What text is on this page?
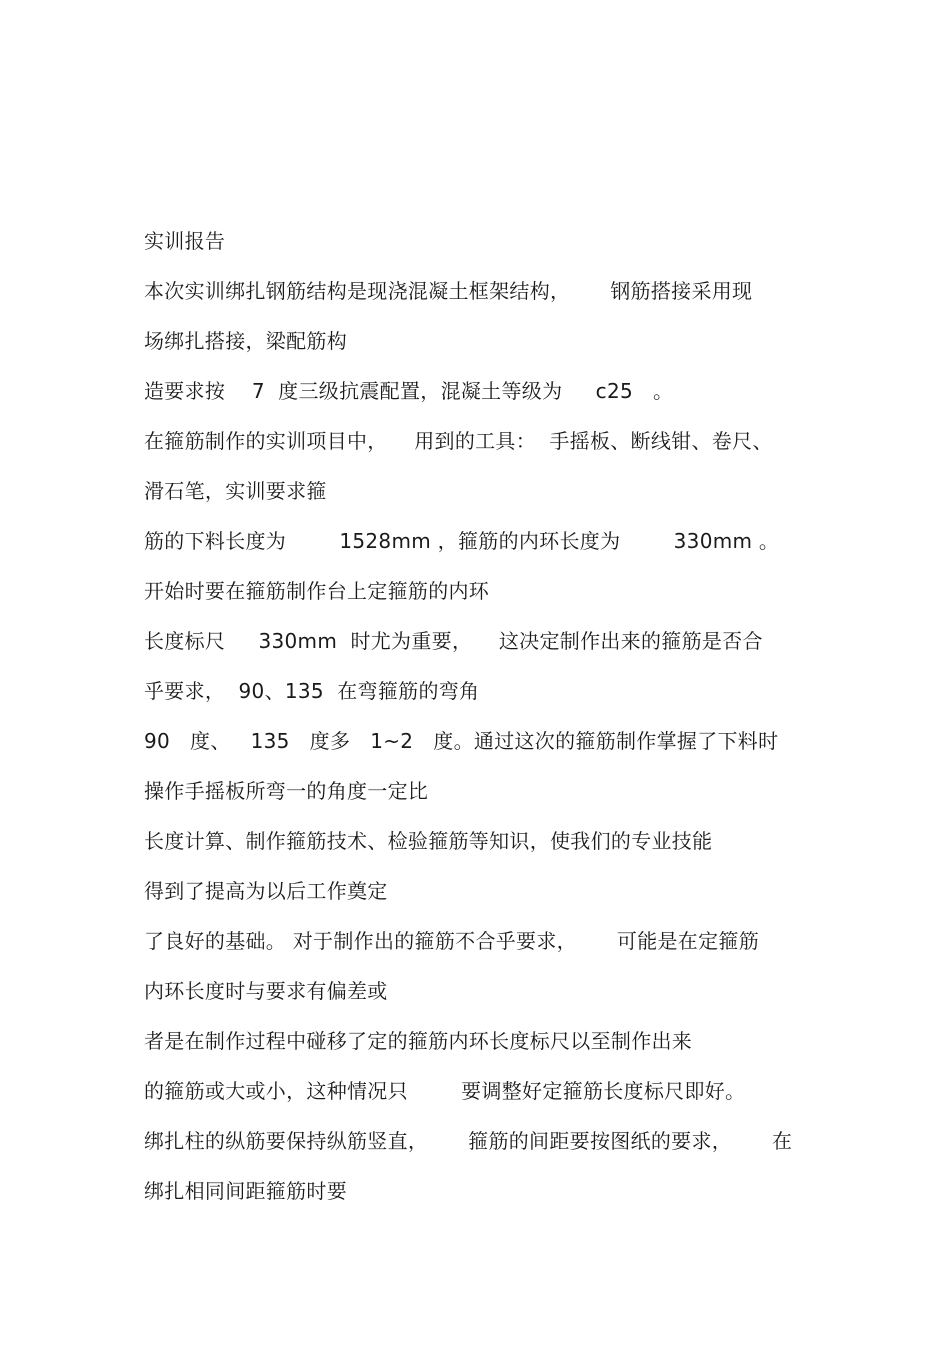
实训报告
本次实训绑扎钢筋结构是现浇混凝土框架结构，      钢筋搭接采用现
场绑扎搭接，梁配筋构
造要求按    7  度三级抗震配置，混凝土等级为     c25   。
在箍筋制作的实训项目中，    用到的工具：  手摇板、断线钳、卷尺、
滑石笔，实训要求箍
筋的下料长度为        1528mm ，箍筋的内环长度为        330mm 。
开始时要在箍筋制作台上定箍筋的内环
长度标尺     330mm  时尤为重要，    这决定制作出来的箍筋是否合
乎要求，  90、135  在弯箍筋的弯角
90   度、   135   度多   1~2   度。通过这次的箍筋制作掌握了下料时
操作手摇板所弯一的角度一定比
长度计算、制作箍筋技术、检验箍筋等知识，使我们的专业技能
得到了提高为以后工作奠定
了良好的基础。 对于制作出的箍筋不合乎要求，      可能是在定箍筋
内环长度时与要求有偏差或
者是在制作过程中碰移了定的箍筋内环长度标尺以至制作出来
的箍筋或大或小，这种情况只        要调整好定箍筋长度标尺即好。
绑扎柱的纵筋要保持纵筋竖直，      箍筋的间距要按图纸的要求，      在
绑扎相同间距箍筋时要
